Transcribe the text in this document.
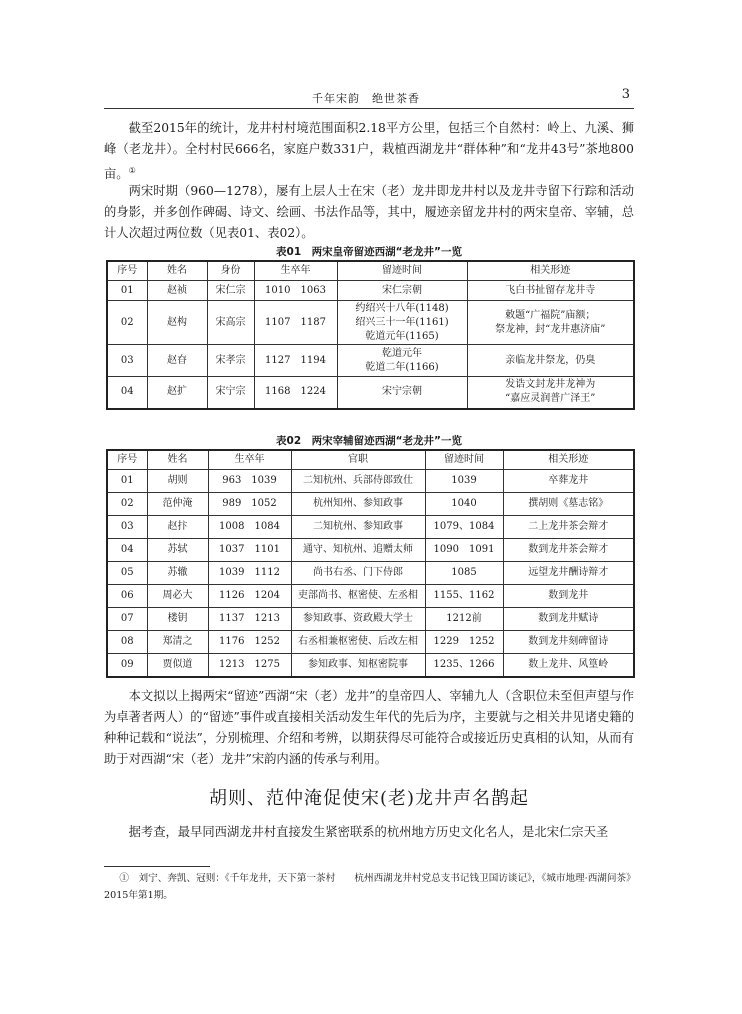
千年宋韵　绝世茶香	3

截至2015年的统计，龙井村村境范围面积2.18平方公里，包括三个自然村：岭上、九溪、狮峰（老龙井）。全村村民666名，家庭户数331户，栽植西湖龙井“群体种”和“龙井43号”茶地800亩。①

两宋时期（960—1278），屡有上层人士在宋（老）龙井即龙井村以及龙井寺留下行踪和活动的身影，并多创作碑碣、诗文、绘画、书法作品等，其中，履迹亲留龙井村的两宋皇帝、宰辅，总计人次超过两位数（见表01、表02）。

表01　两宋皇帝留迹西湖“老龙井”一览
序号	姓名	身份	生卒年	留迹时间	相关形迹
01	赵祯	宋仁宗	1010　1063	宋仁宗朝	飞白书扯留存龙井寺
02	赵构	宋高宗	1107　1187	约绍兴十八年(1148)
绍兴三十一年(1161)
乾道元年(1165)	敕题“广福院”庙额；
祭龙神，封“龙井惠济庙”

03	赵昚	宋孝宗	1127　1194	乾道元年
乾道二年(1166)	亲临龙井祭龙，仍臭
04	赵扩	宋宁宗	1168　1224	宋宁宗朝	发诰文封龙井龙神为
“嘉应灵润普广泽王”
表02　两宋宰辅留迹西湖“老龙井”一览
序号	姓名	生卒年	官职	留迹时间	相关形迹
01	胡则	963　1039	二知杭州、兵部侍郎致仕	1039	卒葬龙井
02	范仲淹	989　1052	杭州知州、参知政事	1040	撰胡则《墓志铭》
03	赵抃	1008　1084	二知杭州、参知政事	1079、1084	二上龙井茶会辩才
04	苏轼	1037　1101	通守、知杭州、追赠太师	1090　1091	数到龙井茶会辩才
05	苏辙	1039　1112	尚书右丞、门下侍郎	1085	远望龙井酬诗辩才
06	周必大	1126　1204	吏部尚书、枢密使、左丞相	1155、1162	数到龙井
07	楼钥	1137　1213	参知政事、资政殿大学士	1212前	数到龙井赋诗
08	郑清之	1176　1252	右丞相兼枢密使、后改左相	1229　1252	数到龙井刻碑留诗
09	贾似道	1213　1275	参知政事、知枢密院事	1235、1266	数上龙井、风篁岭

本文拟以上揭两宋“留迹”西湖“宋（老）龙井”的皇帝四人、宰辅九人（含职位未至但声望与作为卓著者两人）的“留迹”事件或直接相关活动发生年代的先后为序，主要就与之相关井见诸史籍的种种记载和“说法”，分别梳理、介绍和考辨，以期获得尽可能符合或接近历史真相的认知，从而有助于对西湖“宋（老）龙井”宋韵内涵的传承与利用。

胡则、范仲淹促使宋(老)龙井声名鹊起

据考查，最早同西湖龙井村直接发生紧密联系的杭州地方历史文化名人，是北宋仁宗天圣

①　刘宁、奔凯、冠则：《千年龙井，天下第一茶村　　杭州西湖龙井村党总支书记钱卫国访谈记》，《城市地理·西湖问茶》2015年第1期。
